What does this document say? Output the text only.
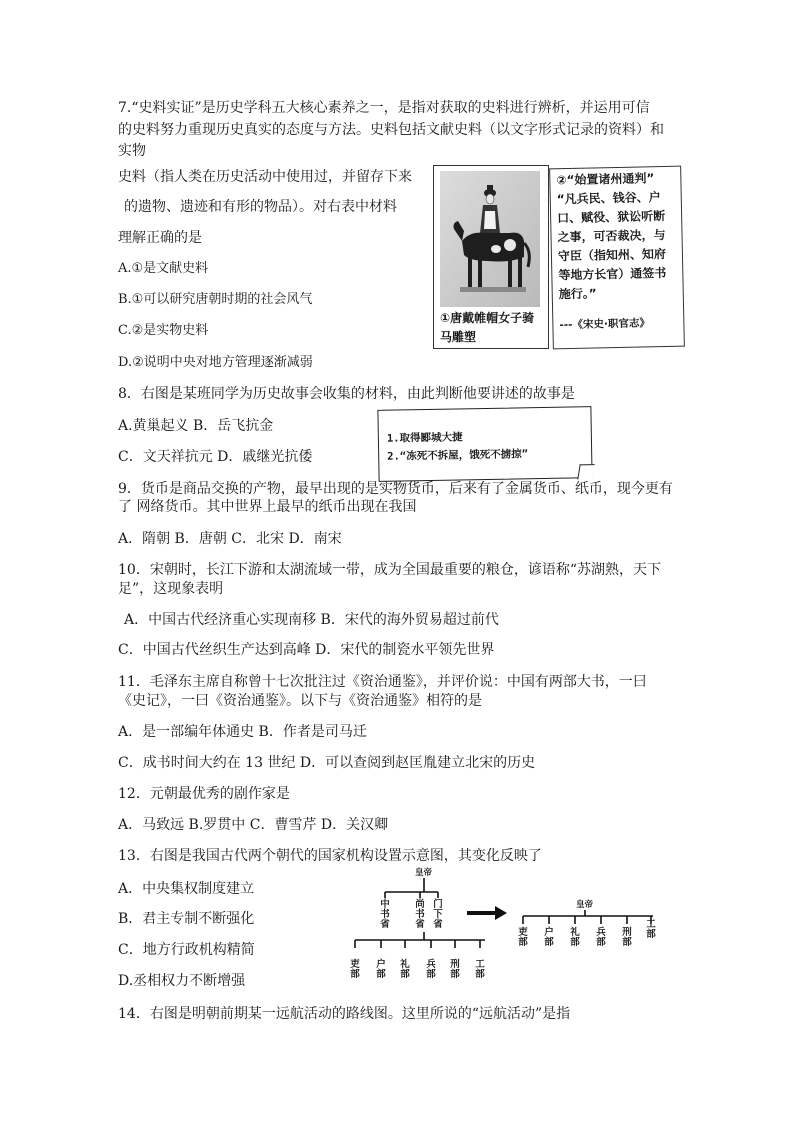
7.“史料实证”是历史学科五大核心素养之一，是指对获取的史料进行辨析，并运用可信
的史料努力重现历史真实的态度与方法。史料包括文献史料（以文字形式记录的资料）和
实物
史料（指人类在历史活动中使用过，并留存下来
的遗物、遗迹和有形的物品）。对右表中材料
理解正确的是
A.①是文献史料
B.①可以研究唐朝时期的社会风气
C.②是实物史料
D.②说明中央对地方管理逐渐减弱
①唐戴帷帽女子骑
马雕塑
②“始置诸州通判”
“凡兵民、钱谷、户
口、赋役、狱讼听断
之事，可否裁决，与
守臣（指知州、知府
等地方长官）通签书
施行。”
---《宋史·职官志》
8．右图是某班同学为历史故事会收集的材料，由此判断他要讲述的故事是
A.黄巢起义 B．岳飞抗金
C．文天祥抗元 D．戚继光抗倭
1.取得郾城大捷
2.“冻死不拆屋，饿死不掳掠”
9．货币是商品交换的产物，最早出现的是实物货币，后来有了金属货币、纸币，现今更有
了 网络货币。其中世界上最早的纸币出现在我国
A．隋朝 B．唐朝 C．北宋 D．南宋
10．宋朝时，长江下游和太湖流域一带，成为全国最重要的粮仓，谚语称“苏湖熟，天下
足”，这现象表明
A．中国古代经济重心实现南移 B．宋代的海外贸易超过前代
C．中国古代丝织生产达到高峰 D．宋代的制瓷水平领先世界
11．毛泽东主席自称曾十七次批注过《资治通鉴》，并评价说：中国有两部大书，一曰
《史记》，一曰《资治通鉴》。以下与《资治通鉴》相符的是
A．是一部编年体通史 B．作者是司马迁
C．成书时间大约在 13 世纪 D．可以查阅到赵匡胤建立北宋的历史
12．元朝最优秀的剧作家是
A．马致远 B.罗贯中 C．曹雪芹 D．关汉卿
13．右图是我国古代两个朝代的国家机构设置示意图，其变化反映了
A．中央集权制度建立
B．君主专制不断强化
C．地方行政机构精简
D.丞相权力不断增强
皇帝
中书省
尚书省
门下省
吏部
户部
礼部
兵部
刑部
工部
皇帝
吏部
户部
礼部
兵部
刑部
工部
14．右图是明朝前期某一远航活动的路线图。这里所说的“远航活动”是指
